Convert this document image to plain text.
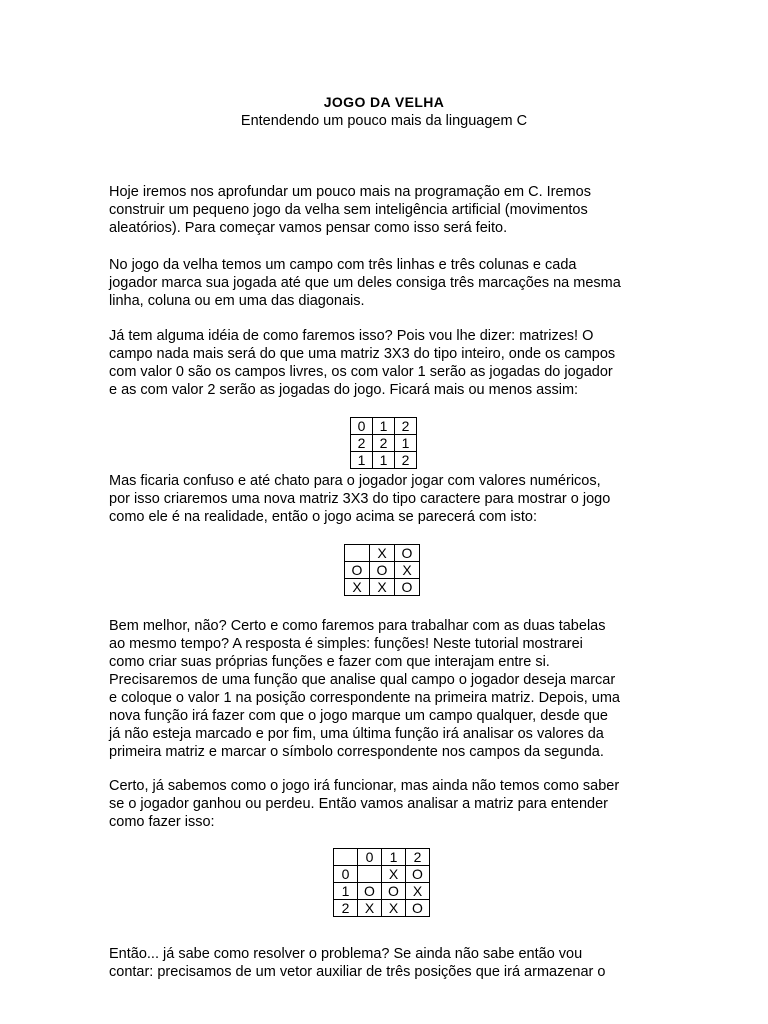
JOGO DA VELHA
Entendendo um pouco mais da linguagem C

Hoje iremos nos aprofundar um pouco mais na programação em C. Iremos
construir um pequeno jogo da velha sem inteligência artificial (movimentos
aleatórios). Para começar vamos pensar como isso será feito.

No jogo da velha temos um campo com três linhas e três colunas e cada
jogador marca sua jogada até que um deles consiga três marcações na mesma
linha, coluna ou em uma das diagonais.

Já tem alguma idéia de como faremos isso? Pois vou lhe dizer: matrizes! O
campo nada mais será do que uma matriz 3X3 do tipo inteiro, onde os campos
com valor 0 são os campos livres, os com valor 1 serão as jogadas do jogador
e as com valor 2 serão as jogadas do jogo. Ficará mais ou menos assim:

0	1	2
2	2	1
1	1	2

Mas ficaria confuso e até chato para o jogador jogar com valores numéricos,
por isso criaremos uma nova matriz 3X3 do tipo caractere para mostrar o jogo
como ele é na realidade, então o jogo acima se parecerá com isto:

	X	O
O	O	X
X	X	O

Bem melhor, não? Certo e como faremos para trabalhar com as duas tabelas
ao mesmo tempo? A resposta é simples: funções! Neste tutorial mostrarei
como criar suas próprias funções e fazer com que interajam entre si.
Precisaremos de uma função que analise qual campo o jogador deseja marcar
e coloque o valor 1 na posição correspondente na primeira matriz. Depois, uma
nova função irá fazer com que o jogo marque um campo qualquer, desde que
já não esteja marcado e por fim, uma última função irá analisar os valores da
primeira matriz e marcar o símbolo correspondente nos campos da segunda.

Certo, já sabemos como o jogo irá funcionar, mas ainda não temos como saber
se o jogador ganhou ou perdeu. Então vamos analisar a matriz para entender
como fazer isso:

	0	1	2
0		X	O
1	O	O	X
2	X	X	O

Então... já sabe como resolver o problema? Se ainda não sabe então vou
contar: precisamos de um vetor auxiliar de três posições que irá armazenar o
